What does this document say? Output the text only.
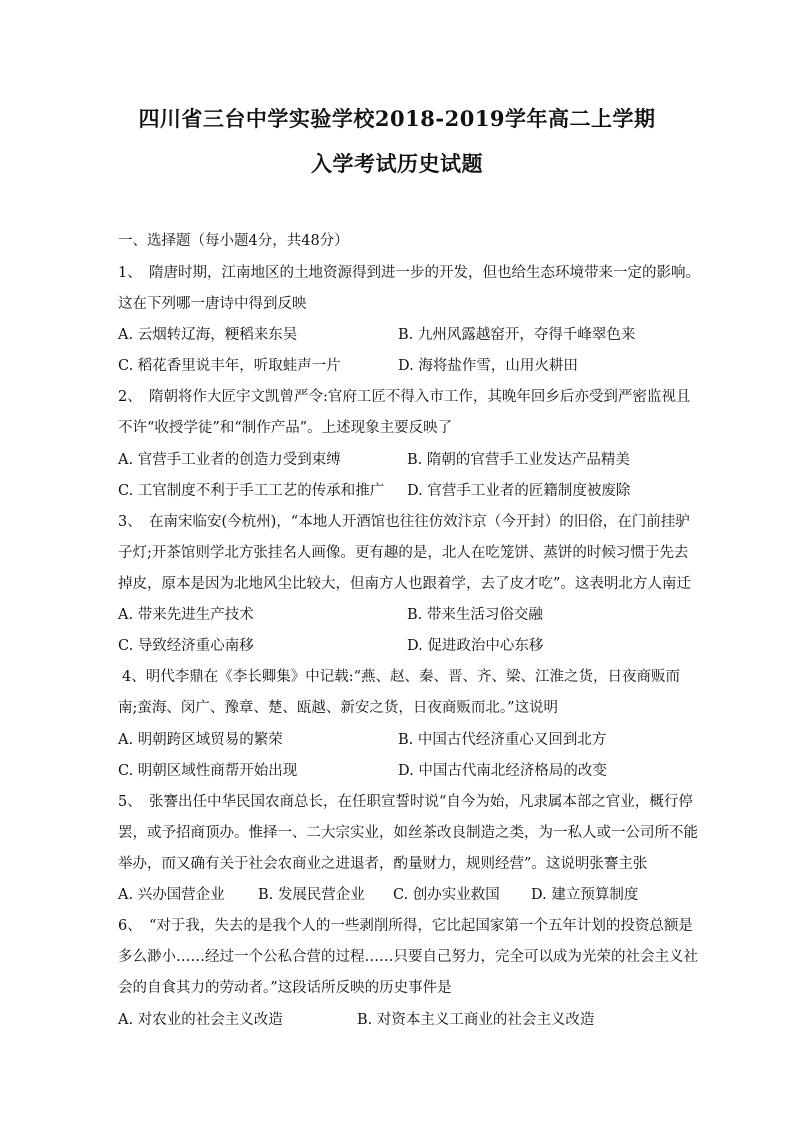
四川省三台中学实验学校2018-2019学年高二上学期
入学考试历史试题
一、选择题（每小题4分，共48分）
1、　隋唐时期，江南地区的土地资源得到进一步的开发，但也给生态环境带来一定的影响。
这在下列哪一唐诗中得到反映
A. 云烟转辽海，粳稻来东吴	B. 九州风露越窑开，夺得千峰翠色来
C. 稻花香里说丰年，听取蛙声一片	D. 海将盐作雪，山用火耕田
2、　隋朝将作大匠宇文凯曾严令:官府工匠不得入市工作，其晚年回乡后亦受到严密监视且
不许“收授学徒”和“制作产品”。上述现象主要反映了
A. 官营手工业者的创造力受到束缚	B. 隋朝的官营手工业发达产品精美
C. 工官制度不利于手工工艺的传承和推广 D. 官营手工业者的匠籍制度被废除
3、　在南宋临安(今杭州)，“本地人开酒馆也往往仿效汴京（今开封）的旧俗，在门前挂驴
子灯;开茶馆则学北方张挂名人画像。更有趣的是，北人在吃笼饼、蒸饼的时候习惯于先去
掉皮，原本是因为北地风尘比较大，但南方人也跟着学，去了皮才吃”。这表明北方人南迁
A. 带来先进生产技术	B. 带来生活习俗交融
C. 导致经济重心南移	D. 促进政治中心东移
4、明代李鼎在《李长卿集》中记载:“燕、赵、秦、晋、齐、梁、江淮之货，日夜商贩而
南;蛮海、闵广、豫章、楚、瓯越、新安之货，日夜商贩而北。”这说明
A. 明朝跨区域贸易的繁荣	B. 中国古代经济重心又回到北方
C. 明朝区域性商帮开始出现	D. 中国古代南北经济格局的改变
5、　张謇出任中华民国农商总长，在任职宣誓时说“自今为始，凡隶属本部之官业，概行停
罢，或予招商顶办。惟择一、二大宗实业，如丝茶改良制造之类，为一私人或一公司所不能
举办，而又确有关于社会农商业之进退者，酌量财力，规则经营”。这说明张謇主张
A. 兴办国营企业 B. 发展民营企业 C. 创办实业救国 D. 建立预算制度
6、　“对于我，失去的是我个人的一些剥削所得，它比起国家第一个五年计划的投资总额是
多么渺小……经过一个公私合营的过程……只要自己努力，完全可以成为光荣的社会主义社
会的自食其力的劳动者。”这段话所反映的历史事件是
A. 对农业的社会主义改造	B. 对资本主义工商业的社会主义改造
